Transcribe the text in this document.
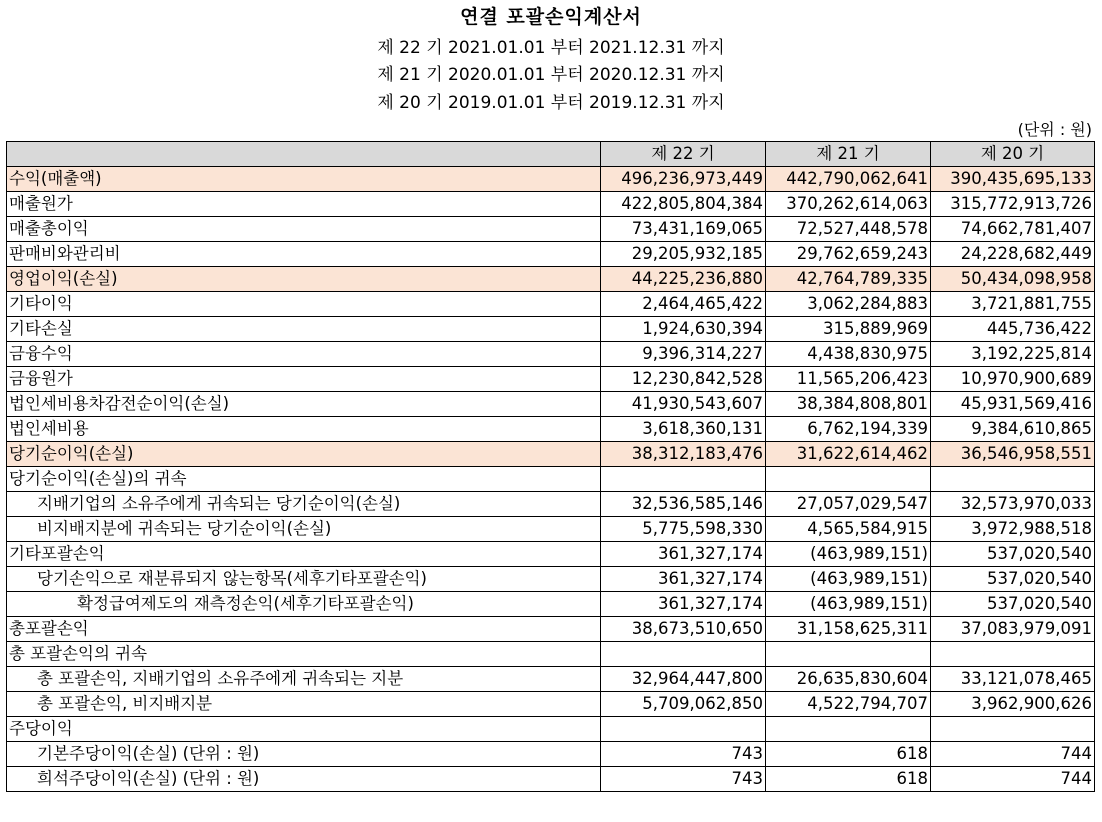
연결 포괄손익계산서
제 22 기 2021.01.01 부터 2021.12.31 까지
제 21 기 2020.01.01 부터 2020.12.31 까지
제 20 기 2019.01.01 부터 2019.12.31 까지
(단위 : 원)
	제 22 기	제 21 기	제 20 기
수익(매출액)	496,236,973,449	442,790,062,641	390,435,695,133
매출원가	422,805,804,384	370,262,614,063	315,772,913,726
매출총이익	73,431,169,065	72,527,448,578	74,662,781,407
판매비와관리비	29,205,932,185	29,762,659,243	24,228,682,449
영업이익(손실)	44,225,236,880	42,764,789,335	50,434,098,958
기타이익	2,464,465,422	3,062,284,883	3,721,881,755
기타손실	1,924,630,394	315,889,969	445,736,422
금융수익	9,396,314,227	4,438,830,975	3,192,225,814
금융원가	12,230,842,528	11,565,206,423	10,970,900,689
법인세비용차감전순이익(손실)	41,930,543,607	38,384,808,801	45,931,569,416
법인세비용	3,618,360,131	6,762,194,339	9,384,610,865
당기순이익(손실)	38,312,183,476	31,622,614,462	36,546,958,551
당기순이익(손실)의 귀속			
지배기업의 소유주에게 귀속되는 당기순이익(손실)	32,536,585,146	27,057,029,547	32,573,970,033
비지배지분에 귀속되는 당기순이익(손실)	5,775,598,330	4,565,584,915	3,972,988,518
기타포괄손익	361,327,174	(463,989,151)	537,020,540
당기손익으로 재분류되지 않는항목(세후기타포괄손익)	361,327,174	(463,989,151)	537,020,540
확정급여제도의 재측정손익(세후기타포괄손익)	361,327,174	(463,989,151)	537,020,540
총포괄손익	38,673,510,650	31,158,625,311	37,083,979,091
총 포괄손익의 귀속			
총 포괄손익, 지배기업의 소유주에게 귀속되는 지분	32,964,447,800	26,635,830,604	33,121,078,465
총 포괄손익, 비지배지분	5,709,062,850	4,522,794,707	3,962,900,626
주당이익			
기본주당이익(손실) (단위 : 원)	743	618	744
희석주당이익(손실) (단위 : 원)	743	618	744
